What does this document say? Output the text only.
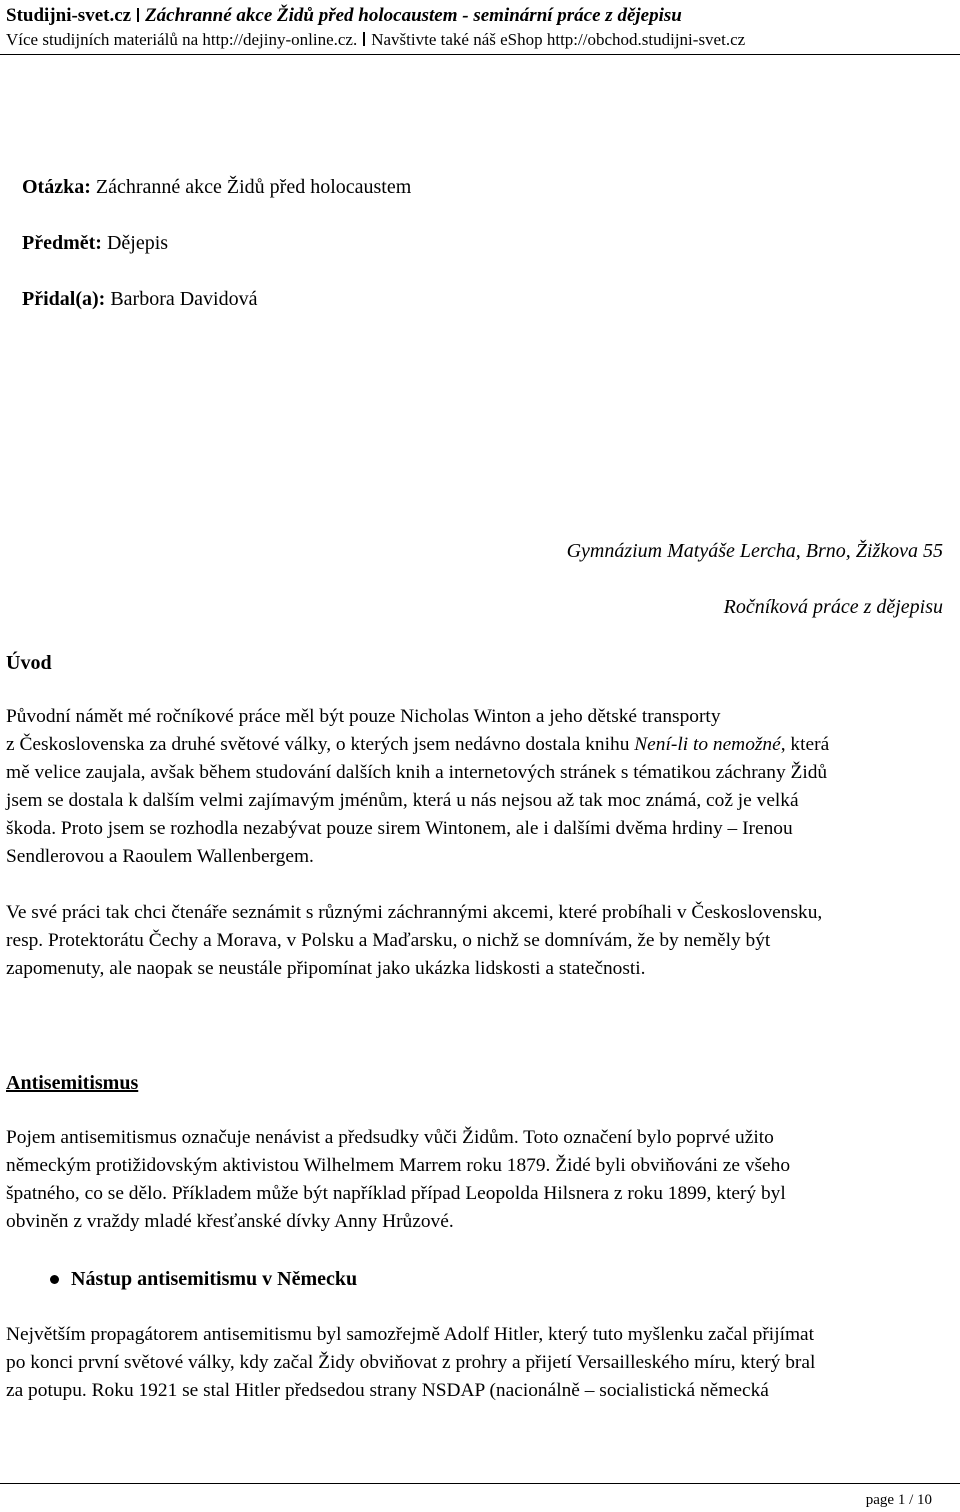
Studijni-svet.cz Záchranné akce Židů před holocaustem - seminární práce z dějepisu
Více studijních materiálů na http://dejiny-online.cz. Navštivte také náš eShop http://obchod.studijni-svet.cz
Otázka: Záchranné akce Židů před holocaustem
Předmět: Dějepis
Přidal(a): Barbora Davidová
Gymnázium Matyáše Lercha, Brno, Žižkova 55
Ročníková práce z dějepisu
Úvod
Původní námět mé ročníkové práce měl být pouze Nicholas Winton a jeho dětské transporty
z Československa za druhé světové války, o kterých jsem nedávno dostala knihu Není-li to nemožné, která
mě velice zaujala, avšak během studování dalších knih a internetových stránek s tématikou záchrany Židů
jsem se dostala k dalším velmi zajímavým jménům, která u nás nejsou až tak moc známá, což je velká
škoda. Proto jsem se rozhodla nezabývat pouze sirem Wintonem, ale i dalšími dvěma hrdiny – Irenou
Sendlerovou a Raoulem Wallenbergem.
Ve své práci tak chci čtenáře seznámit s různými záchrannými akcemi, které probíhali v Československu,
resp. Protektorátu Čechy a Morava, v Polsku a Maďarsku, o nichž se domnívám, že by neměly být
zapomenuty, ale naopak se neustále připomínat jako ukázka lidskosti a statečnosti.
Antisemitismus
Pojem antisemitismus označuje nenávist a předsudky vůči Židům. Toto označení bylo poprvé užito
německým protižidovským aktivistou Wilhelmem Marrem roku 1879. Židé byli obviňováni ze všeho
špatného, co se dělo. Příkladem může být například případ Leopolda Hilsnera z roku 1899, který byl
obviněn z vraždy mladé křesťanské dívky Anny Hrůzové.
Nástup antisemitismu v Německu
Největším propagátorem antisemitismu byl samozřejmě Adolf Hitler, který tuto myšlenku začal přijímat
po konci první světové války, kdy začal Židy obviňovat z prohry a přijetí Versailleského míru, který bral
za potupu. Roku 1921 se stal Hitler předsedou strany NSDAP (nacionálně – socialistická německá
page 1 / 10
